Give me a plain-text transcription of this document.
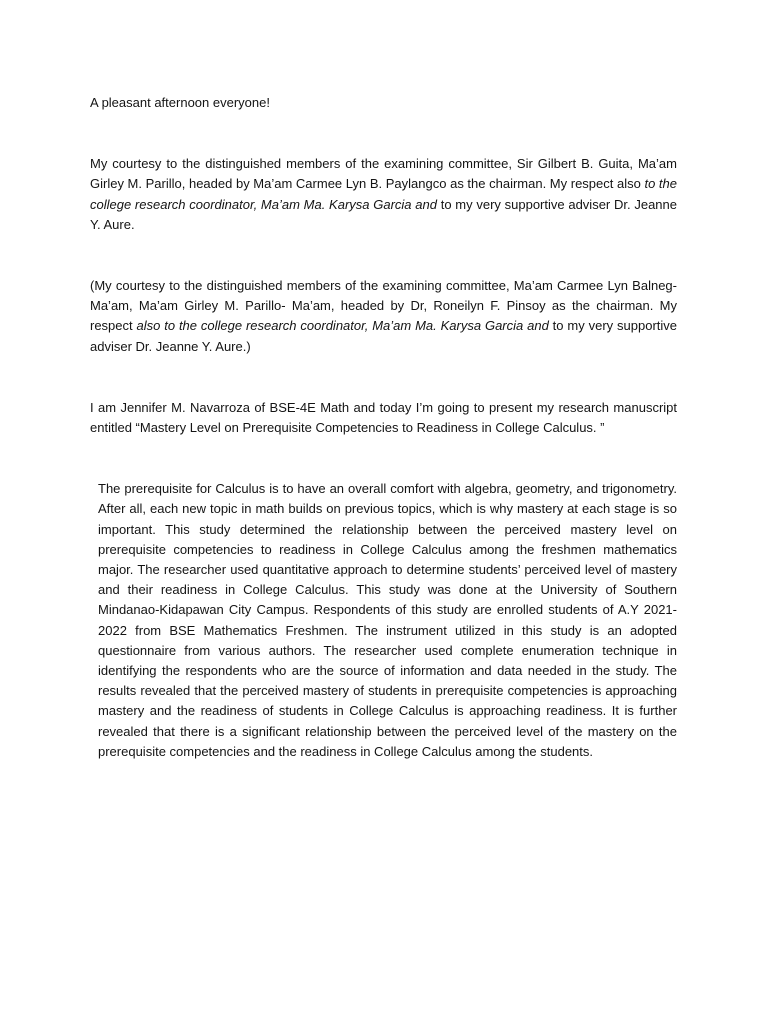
A pleasant afternoon everyone!

My courtesy to the distinguished members of the examining committee, Sir Gilbert B. Guita, Ma’am Girley M. Parillo, headed by Ma’am Carmee Lyn B. Paylangco as the chairman. My respect also to the college research coordinator, Ma’am Ma. Karysa Garcia and to my very supportive adviser Dr. Jeanne Y. Aure.

(My courtesy to the distinguished members of the examining committee, Ma’am Carmee Lyn Balneg- Ma’am, Ma’am Girley M. Parillo- Ma’am, headed by Dr, Roneilyn F. Pinsoy as the chairman. My respect also to the college research coordinator, Ma’am Ma. Karysa Garcia and to my very supportive adviser Dr. Jeanne Y. Aure.)

I am Jennifer M. Navarroza of BSE-4E Math and today I’m going to present my research manuscript entitled “Mastery Level on Prerequisite Competencies to Readiness in College Calculus. ”

The prerequisite for Calculus is to have an overall comfort with algebra, geometry, and trigonometry. After all, each new topic in math builds on previous topics, which is why mastery at each stage is so important. This study determined the relationship between the perceived mastery level on prerequisite competencies to readiness in College Calculus among the freshmen mathematics major. The researcher used quantitative approach to determine students’ perceived level of mastery and their readiness in College Calculus. This study was done at the University of Southern Mindanao-Kidapawan City Campus. Respondents of this study are enrolled students of A.Y 2021-2022 from BSE Mathematics Freshmen. The instrument utilized in this study is an adopted questionnaire from various authors. The researcher used complete enumeration technique in identifying the respondents who are the source of information and data needed in the study. The results revealed that the perceived mastery of students in prerequisite competencies is approaching mastery and the readiness of students in College Calculus is approaching readiness. It is further revealed that there is a significant relationship between the perceived level of the mastery on the prerequisite competencies and the readiness in College Calculus among the students.
